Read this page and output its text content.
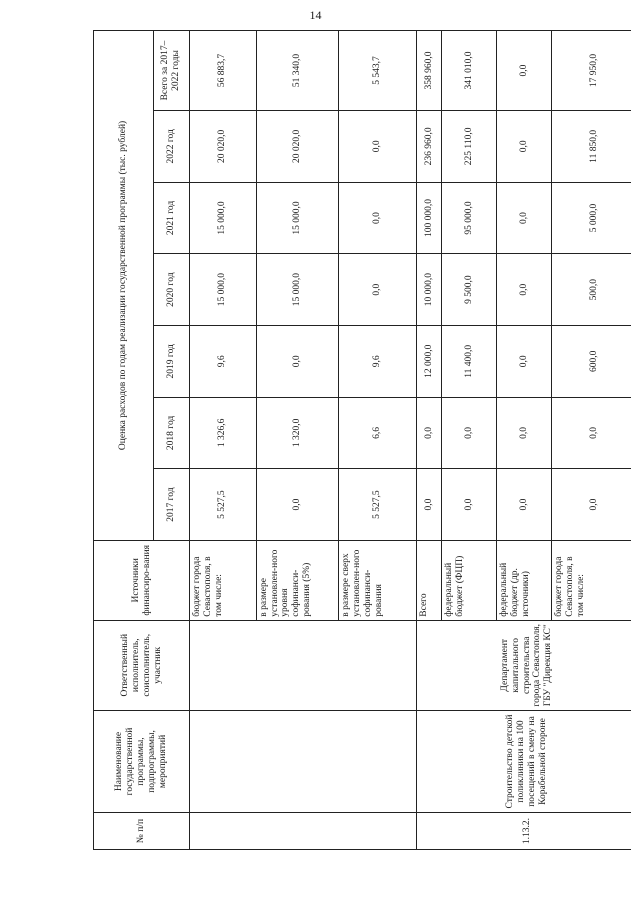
14
№ п/п	Наименование государственной программы, подпрограммы, мероприятий	Ответственный исполнитель, соисполнитель, участник	Источники финансиро-вания	Оценка расходов по годам реализации государственной программы (тыс. рублей)						
				2017 год	2018 год	2019 год	2020 год	2021 год	2022 год	Всего за 2017–2022 годы
			бюджет города Севастополя, в том числе:	5 527,5	1 326,6	9,6	15 000,0	15 000,0	20 020,0	56 883,7
			в размере установлен-ного уровня софинанси-рования (5%)	0,0	1 320,0	0,0	15 000,0	15 000,0	20 020,0	51 340,0
			в размере сверх установлен-ного софинанси-рования	5 527,5	6,6	9,6	0,0	0,0	0,0	5 543,7
1.13.2.	Строительство детской поликлиники на 100 посещений в смену на Корабельной стороне	Департамент капитального строительства города Севастополя, ГБУ "Дирекция КС"	Всего	0,0	0,0	12 000,0	10 000,0	100 000,0	236 960,0	358 960,0
			федеральный бюджет (ФЦП)	0,0	0,0	11 400,0	9 500,0	95 000,0	225 110,0	341 010,0
			федеральный бюджет (др. источники)	0,0	0,0	0,0	0,0	0,0	0,0	0,0
			бюджет города Севастополя, в том числе:	0,0	0,0	600,0	500,0	5 000,0	11 850,0	17 950,0
